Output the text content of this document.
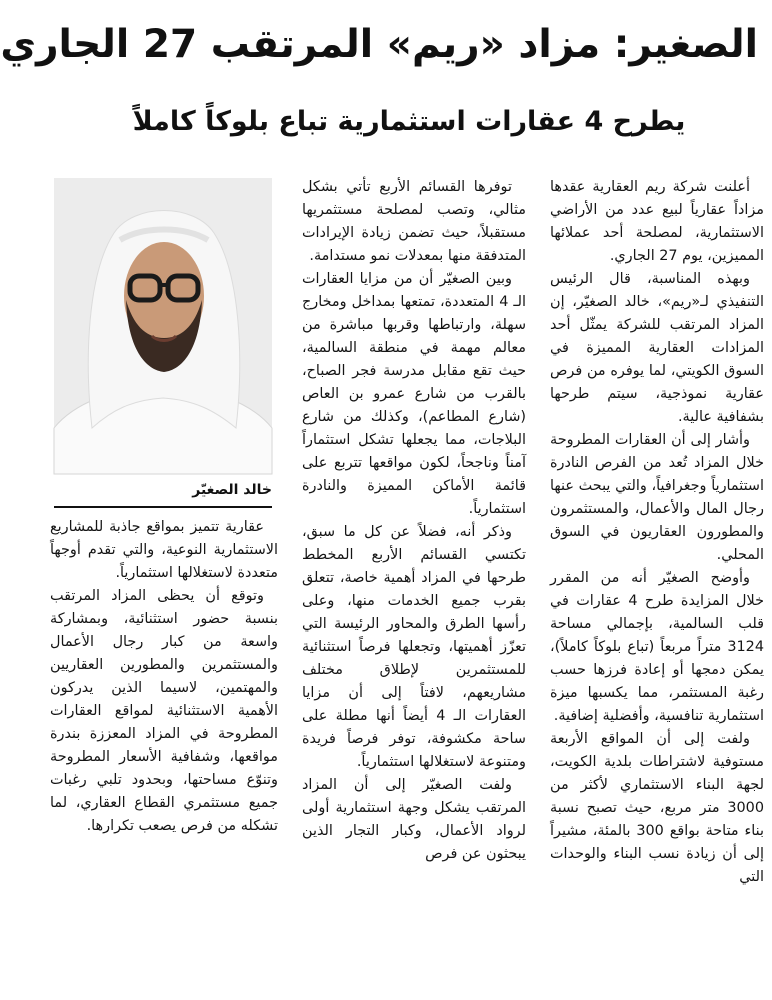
الصغير: مزاد «ريم» المرتقب 27 الجاري
يطرح 4 عقارات استثمارية تباع بلوكاً كاملاً

أعلنت شركة ريم العقارية عقدها مزاداً عقارياً لبيع عدد من الأراضي الاستثمارية، لمصلحة أحد عملائها المميزين، يوم 27 الجاري.

وبهذه المناسبة، قال الرئيس التنفيذي لـ«ريم»، خالد الصغيّر، إن المزاد المرتقب للشركة يمثّل أحد المزادات العقارية المميزة في السوق الكويتي، لما يوفره من فرص عقارية نموذجية، سيتم طرحها بشفافية عالية.

وأشار إلى أن العقارات المطروحة خلال المزاد تُعد من الفرص النادرة استثمارياً وجغرافياً، والتي يبحث عنها رجال المال والأعمال، والمستثمرون والمطورون العقاريون في السوق المحلي.

وأوضح الصغيّر أنه من المقرر خلال المزايدة طرح 4 عقارات في قلب السالمية، بإجمالي مساحة 3124 متراً مربعاً (تباع بلوكاً كاملاً)، يمكن دمجها أو إعادة فرزها حسب رغبة المستثمر، مما يكسبها ميزة استثمارية تنافسية، وأفضلية إضافية.

ولفت إلى أن المواقع الأربعة مستوفية لاشتراطات بلدية الكويت، لجهة البناء الاستثماري لأكثر من 3000 متر مربع، حيث تصبح نسبة بناء متاحة بواقع 300 بالمئة، مشيراً إلى أن زيادة نسب البناء والوحدات التي

توفرها القسائم الأربع تأتي بشكل مثالي، وتصب لمصلحة مستثمريها مستقبلاً، حيث تضمن زيادة الإيرادات المتدفقة منها بمعدلات نمو مستدامة.

وبين الصغيّر أن من مزايا العقارات الـ 4 المتعددة، تمتعها بمداخل ومخارج سهلة، وارتباطها وقربها مباشرة من معالم مهمة في منطقة السالمية، حيث تقع مقابل مدرسة فجر الصباح، بالقرب من شارع عمرو بن العاص (شارع المطاعم)، وكذلك من شارع البلاجات، مما يجعلها تشكل استثماراً آمناً وناجحاً، لكون مواقعها تتربع على قائمة الأماكن المميزة والنادرة استثمارياً.

وذكر أنه، فضلاً عن كل ما سبق، تكتسي القسائم الأربع المخطط طرحها في المزاد أهمية خاصة، تتعلق بقرب جميع الخدمات منها، وعلى رأسها الطرق والمحاور الرئيسة التي تعزّز أهميتها، وتجعلها فرصاً استثنائية للمستثمرين لإطلاق مختلف مشاريعهم، لافتاً إلى أن مزايا العقارات الـ 4 أيضاً أنها مطلة على ساحة مكشوفة، توفر فرصاً فريدة ومتنوعة لاستغلالها استثمارياً.

ولفت الصغيّر إلى أن المزاد المرتقب يشكل وجهة استثمارية أولى لرواد الأعمال، وكبار التجار الذين يبحثون عن فرص

خالد الصغيّر

عقارية تتميز بمواقع جاذبة للمشاريع الاستثمارية النوعية، والتي تقدم أوجهاً متعددة لاستغلالها استثمارياً.

وتوقع أن يحظى المزاد المرتقب بنسبة حضور استثنائية، وبمشاركة واسعة من كبار رجال الأعمال والمستثمرين والمطورين العقاريين والمهتمين، لاسيما الذين يدركون الأهمية الاستثنائية لمواقع العقارات المطروحة في المزاد المعززة بندرة مواقعها، وشفافية الأسعار المطروحة وتنوّع مساحتها، وبحدود تلبي رغبات جميع مستثمري القطاع العقاري، لما تشكله من فرص يصعب تكرارها.
